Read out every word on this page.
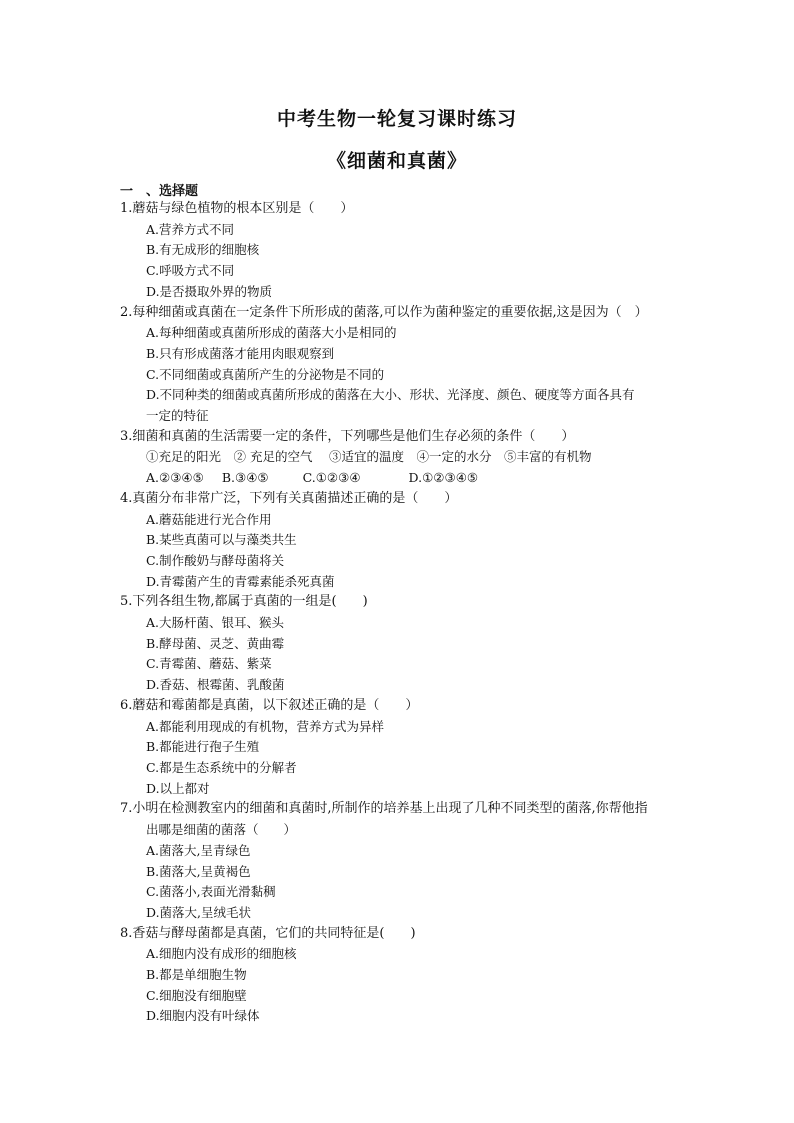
中考生物一轮复习课时练习
《细菌和真菌》
一　、选择题
1.蘑菇与绿色植物的根本区别是（　　）
A.营养方式不同
B.有无成形的细胞核
C.呼吸方式不同
D.是否摄取外界的物质
2.每种细菌或真菌在一定条件下所形成的菌落,可以作为菌种鉴定的重要依据,这是因为（　）
A.每种细菌或真菌所形成的菌落大小是相同的
B.只有形成菌落才能用肉眼观察到
C.不同细菌或真菌所产生的分泌物是不同的
D.不同种类的细菌或真菌所形成的菌落在大小、形状、光泽度、颜色、硬度等方面各具有
一定的特征
3.细菌和真菌的生活需要一定的条件，下列哪些是他们生存必须的条件（　　）
①充足的阳光　② 充足的空气　 ③适宜的温度　④一定的水分　⑤丰富的有机物
A.②③④⑤ B.③④⑤	C.①②③④	D.①②③④⑤
4.真菌分布非常广泛，下列有关真菌描述正确的是（　　）
A.蘑菇能进行光合作用
B.某些真菌可以与藻类共生
C.制作酸奶与酵母菌将关
D.青霉菌产生的青霉素能杀死真菌
5.下列各组生物,都属于真菌的一组是(　　)
A.大肠杆菌、银耳、猴头
B.酵母菌、灵芝、黄曲霉
C.青霉菌、蘑菇、紫菜
D.香菇、根霉菌、乳酸菌
6.蘑菇和霉菌都是真菌，以下叙述正确的是（　　）
A.都能利用现成的有机物，营养方式为异样
B.都能进行孢子生殖
C.都是生态系统中的分解者
D.以上都对
7.小明在检测教室内的细菌和真菌时,所制作的培养基上出现了几种不同类型的菌落,你帮他指
出哪是细菌的菌落（　　）
A.菌落大,呈青绿色
B.菌落大,呈黄褐色
C.菌落小,表面光滑黏稠
D.菌落大,呈绒毛状
8.香菇与酵母菌都是真菌，它们的共同特征是(　　)
A.细胞内没有成形的细胞核
B.都是单细胞生物
C.细胞没有细胞壁
D.细胞内没有叶绿体
